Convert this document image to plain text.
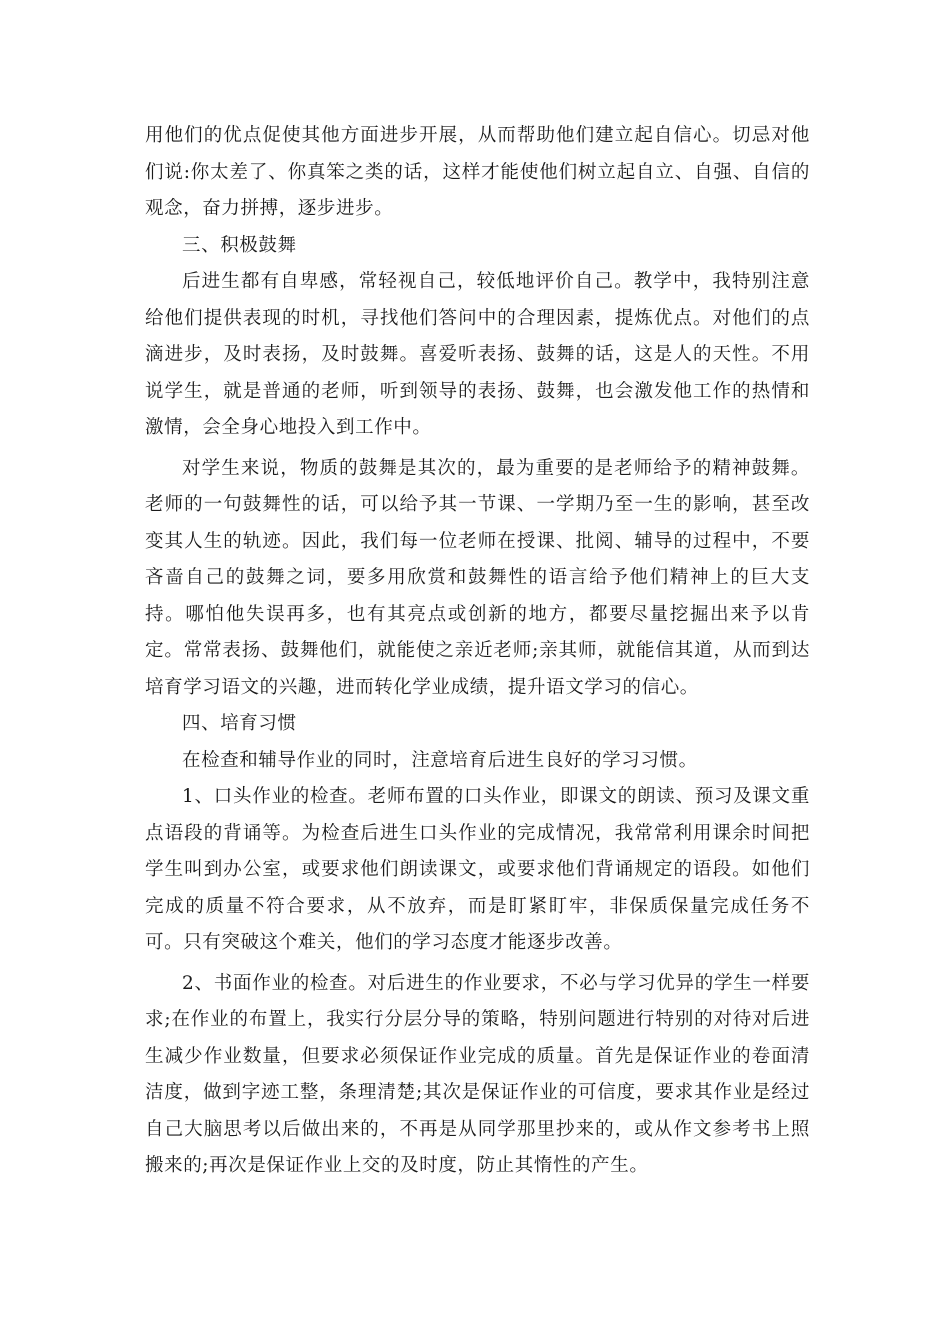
用他们的优点促使其他方面进步开展，从而帮助他们建立起自信心。切忌对他们说:你太差了、你真笨之类的话，这样才能使他们树立起自立、自强、自信的观念，奋力拼搏，逐步进步。

三、积极鼓舞

后进生都有自卑感，常轻视自己，较低地评价自己。教学中，我特别注意给他们提供表现的时机，寻找他们答问中的合理因素，提炼优点。对他们的点滴进步，及时表扬，及时鼓舞。喜爱听表扬、鼓舞的话，这是人的天性。不用说学生，就是普通的老师，听到领导的表扬、鼓舞，也会激发他工作的热情和激情，会全身心地投入到工作中。

对学生来说，物质的鼓舞是其次的，最为重要的是老师给予的精神鼓舞。老师的一句鼓舞性的话，可以给予其一节课、一学期乃至一生的影响，甚至改变其人生的轨迹。因此，我们每一位老师在授课、批阅、辅导的过程中，不要吝啬自己的鼓舞之词，要多用欣赏和鼓舞性的语言给予他们精神上的巨大支持。哪怕他失误再多，也有其亮点或创新的地方，都要尽量挖掘出来予以肯定。常常表扬、鼓舞他们，就能使之亲近老师;亲其师，就能信其道，从而到达培育学习语文的兴趣，进而转化学业成绩，提升语文学习的信心。

四、培育习惯

在检查和辅导作业的同时，注意培育后进生良好的学习习惯。

1、口头作业的检查。老师布置的口头作业，即课文的朗读、预习及课文重点语段的背诵等。为检查后进生口头作业的完成情况，我常常利用课余时间把学生叫到办公室，或要求他们朗读课文，或要求他们背诵规定的语段。如他们完成的质量不符合要求，从不放弃，而是盯紧盯牢，非保质保量完成任务不可。只有突破这个难关，他们的学习态度才能逐步改善。

2、书面作业的检查。对后进生的作业要求，不必与学习优异的学生一样要求;在作业的布置上，我实行分层分导的策略，特别问题进行特别的对待对后进生减少作业数量，但要求必须保证作业完成的质量。首先是保证作业的卷面清洁度，做到字迹工整，条理清楚;其次是保证作业的可信度，要求其作业是经过自己大脑思考以后做出来的，不再是从同学那里抄来的，或从作文参考书上照搬来的;再次是保证作业上交的及时度，防止其惰性的产生。
